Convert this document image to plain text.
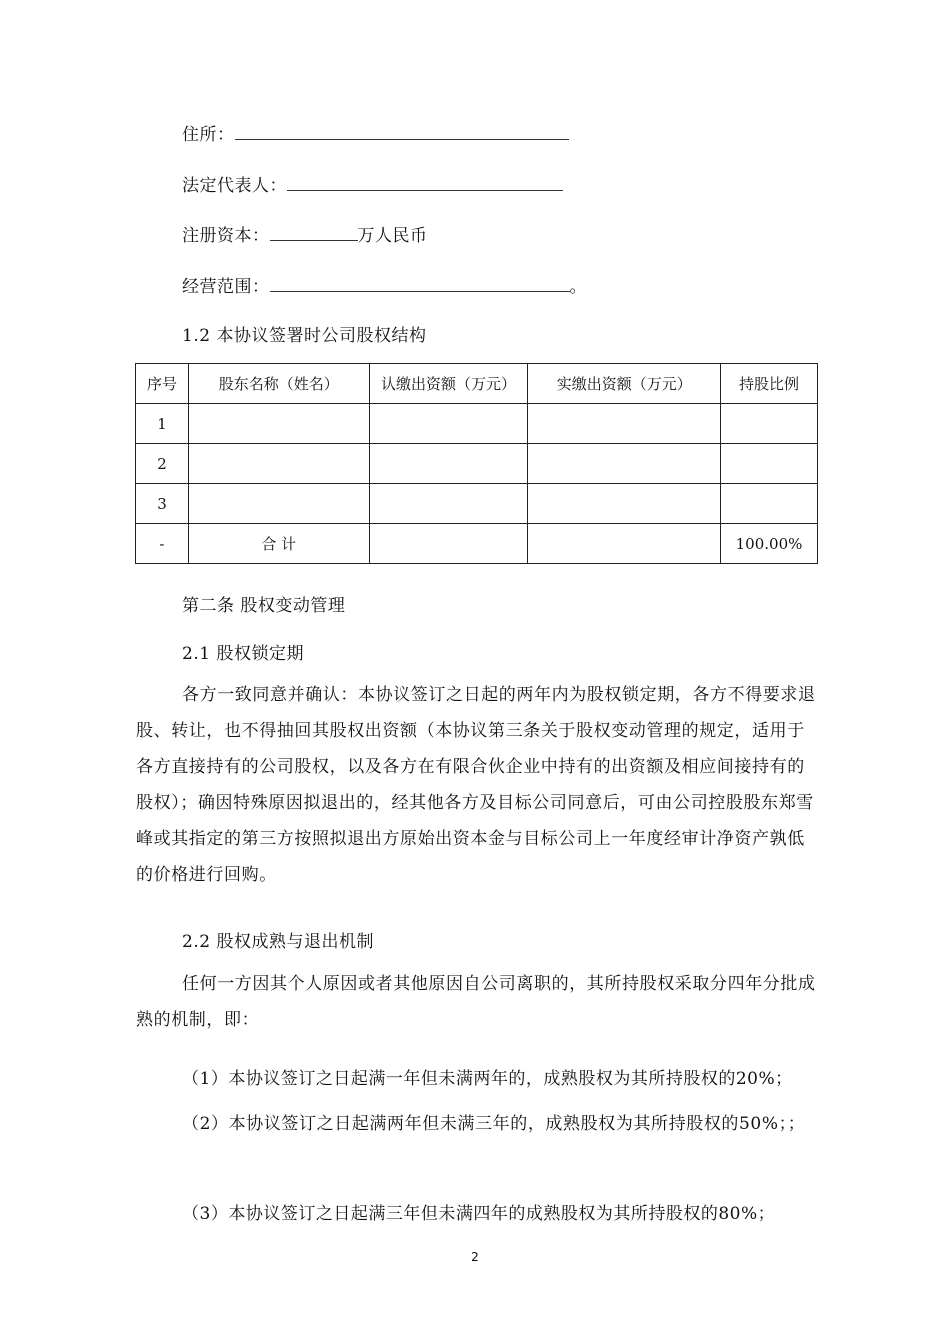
住所：
法定代表人：
注册资本：	万人民币
经营范围：	。
1.2 本协议签署时公司股权结构
序号	股东名称（姓名）	认缴出资额（万元）	实缴出资额（万元）	持股比例
1				
2				
3				
-	合 计			100.00%
第二条 股权变动管理
2.1 股权锁定期
各方一致同意并确认：本协议签订之日起的两年内为股权锁定期，各方不得要求退股、转让，也不得抽回其股权出资额（本协议第三条关于股权变动管理的规定，适用于各方直接持有的公司股权，以及各方在有限合伙企业中持有的出资额及相应间接持有的股权）；确因特殊原因拟退出的，经其他各方及目标公司同意后，可由公司控股股东郑雪峰或其指定的第三方按照拟退出方原始出资本金与目标公司上一年度经审计净资产孰低的价格进行回购。
2.2 股权成熟与退出机制
任何一方因其个人原因或者其他原因自公司离职的，其所持股权采取分四年分批成熟的机制，即：
（1）本协议签订之日起满一年但未满两年的，成熟股权为其所持股权的20%；
（2）本协议签订之日起满两年但未满三年的，成熟股权为其所持股权的50%；；
（3）本协议签订之日起满三年但未满四年的成熟股权为其所持股权的80%；
2
